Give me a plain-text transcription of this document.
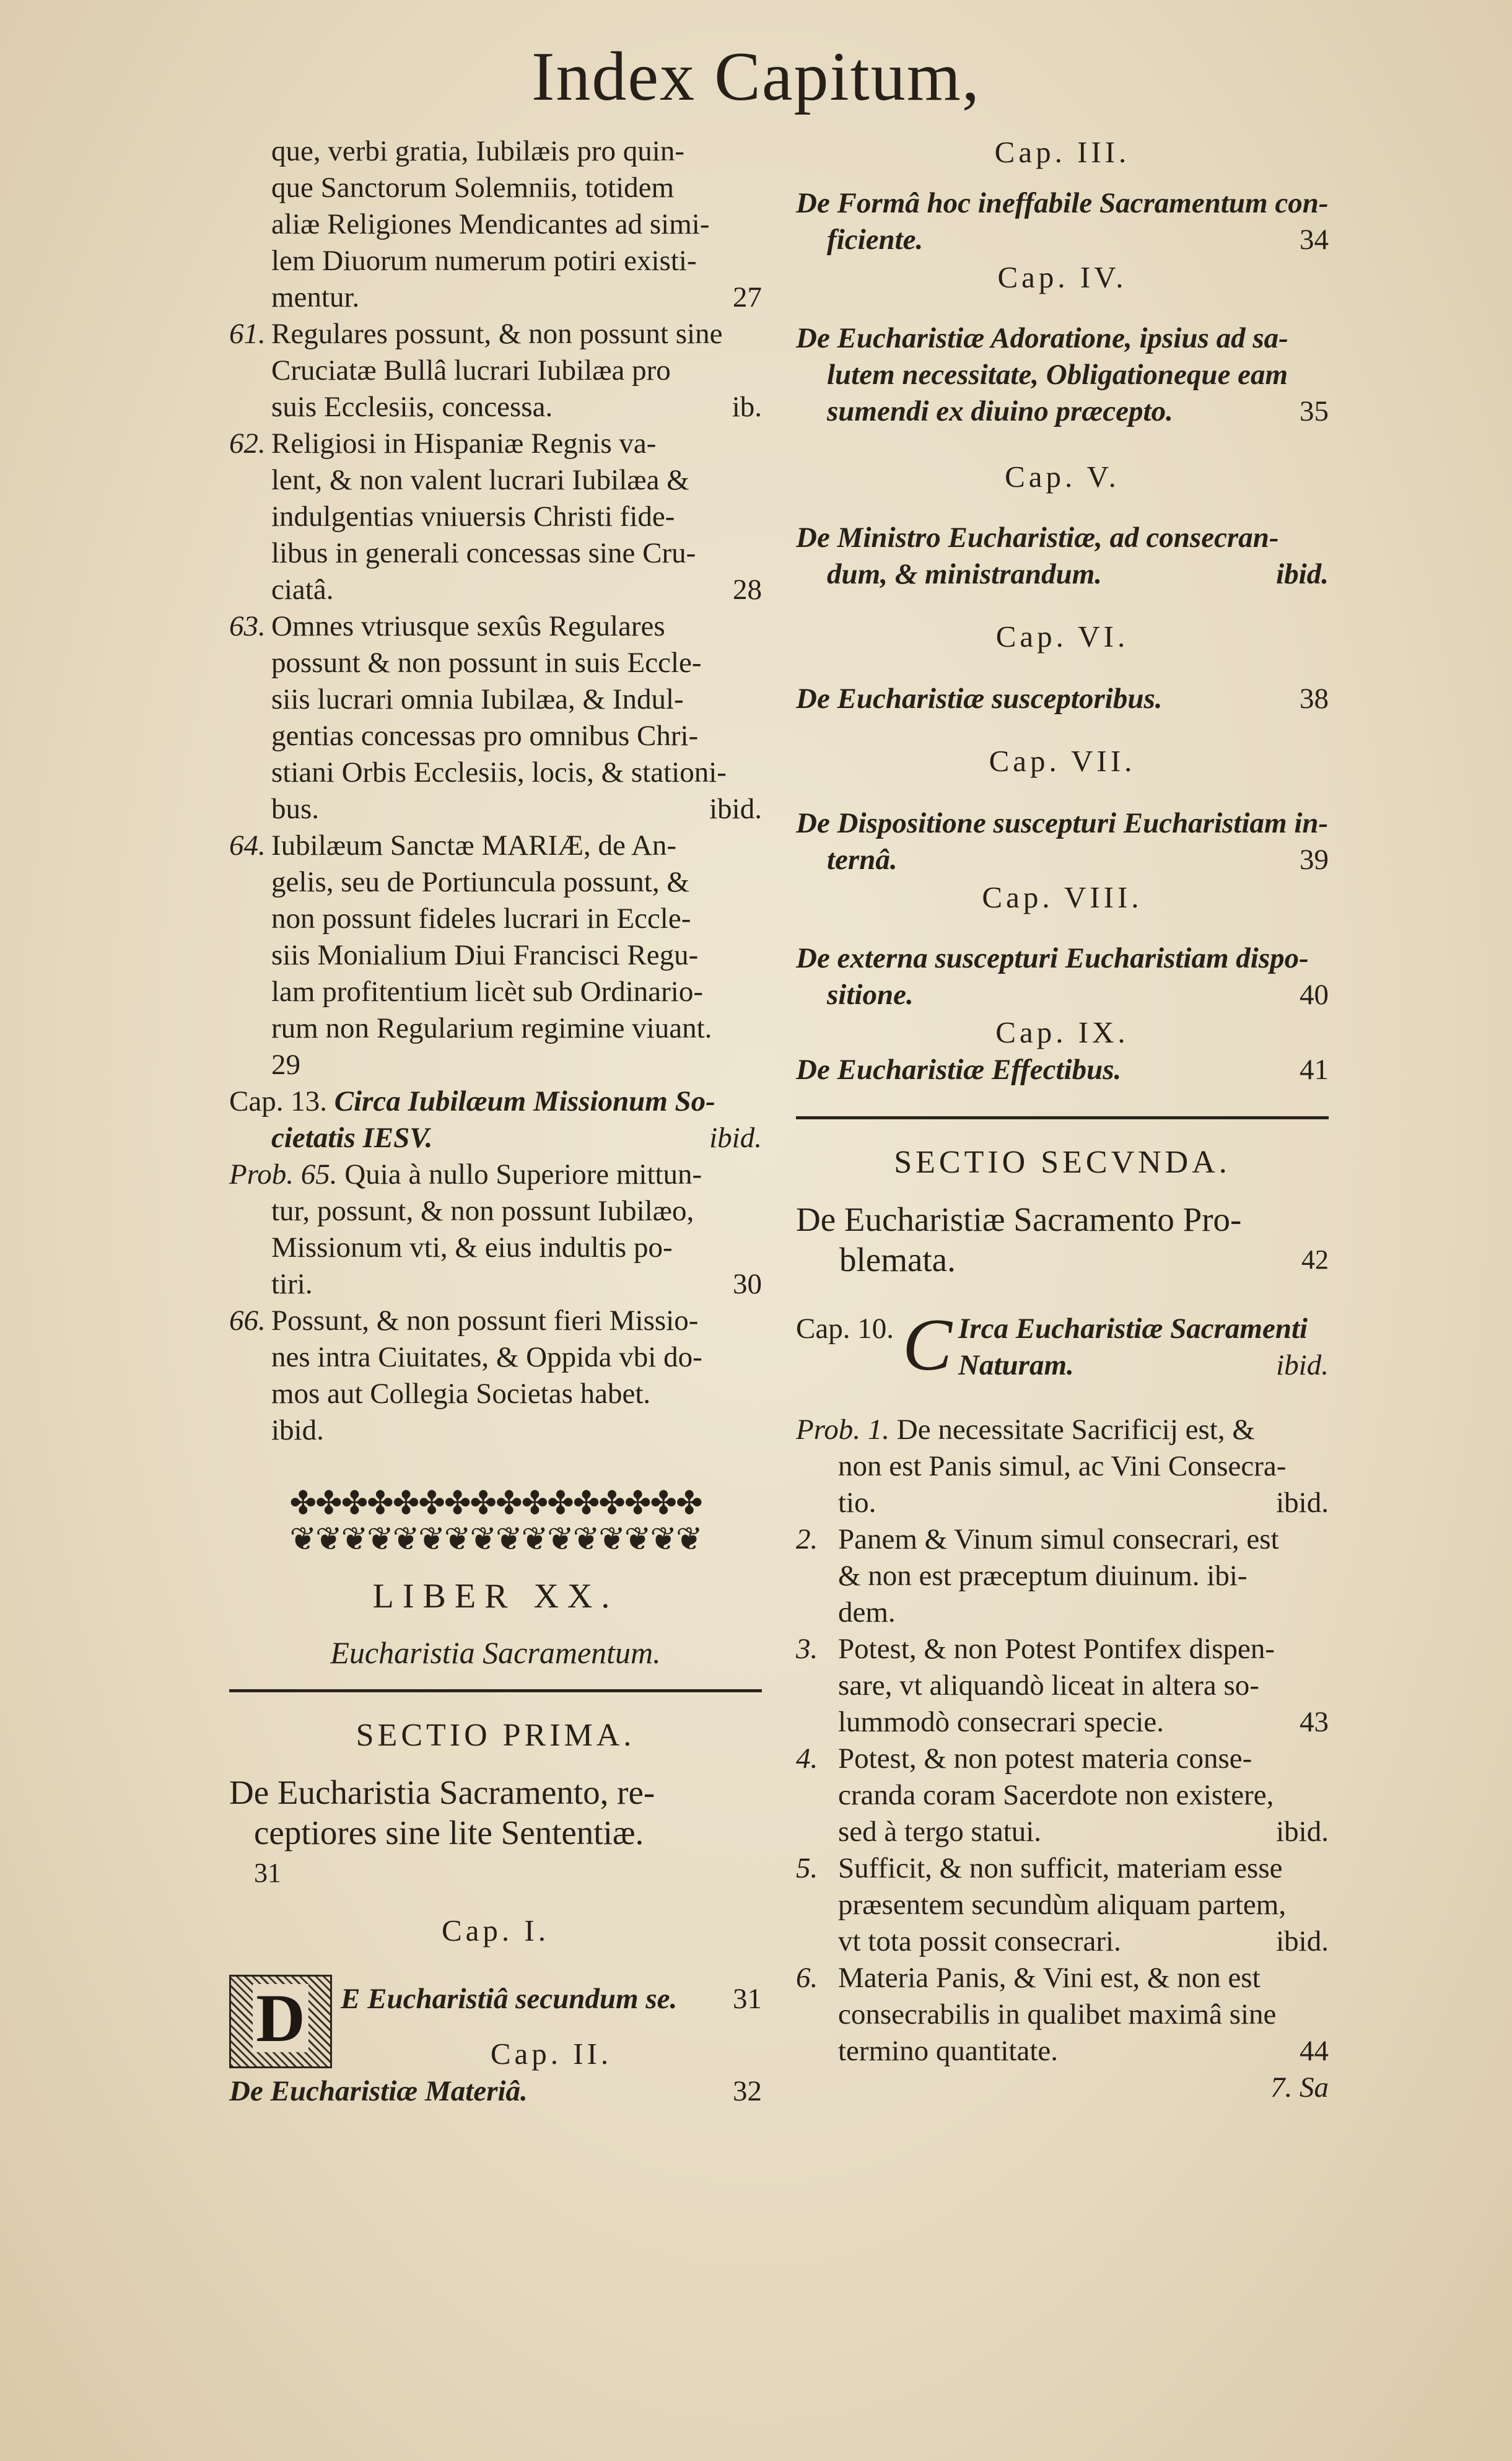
Index Capitum,
que, verbi gratia, Iubilæis pro quin-
que Sanctorum Solemniis, totidem
aliæ Religiones Mendicantes ad simi-
lem Diuorum numerum potiri existi-
mentur.	27
61. Regulares possunt, & non possunt sine
Cruciatæ Bullâ lucrari Iubilæa pro
suis Ecclesiis, concessa.	ib.
62. Religiosi in Hispaniæ Regnis va-
lent, & non valent lucrari Iubilæa &
indulgentias vniuersis Christi fide-
libus in generali concessas sine Cru-
ciatâ.	28
63. Omnes vtriusque sexûs Regulares
possunt & non possunt in suis Eccle-
siis lucrari omnia Iubilæa, & Indul-
gentias concessas pro omnibus Chri-
stiani Orbis Ecclesiis, locis, & stationi-
bus.	ibid.
64. Iubilæum Sanctæ MARIÆ, de An-
gelis, seu de Portiuncula possunt, &
non possunt fideles lucrari in Eccle-
siis Monialium Diui Francisci Regu-
lam profitentium licèt sub Ordinario-
rum non Regularium regimine viuant.
29
Cap. 13. Circa Iubilæum Missionum So-
cietatis IESV.	ibid.
Prob. 65. Quia à nullo Superiore mittun-
tur, possunt, & non possunt Iubilæo,
Missionum vti, & eius indultis po-
tiri.	30
66. Possunt, & non possunt fieri Missio-
nes intra Ciuitates, & Oppida vbi do-
mos aut Collegia Societas habet.
ibid.
✤✤✤✤✤✤✤✤✤✤✤✤✤✤✤✤
❦❦❦❦❦❦❦❦❦❦❦❦❦❦❦❦
LIBER XX.
Eucharistia Sacramentum.
SECTIO PRIMA.
De Eucharistia Sacramento, re-
ceptiores sine lite Sententiæ.
31
Cap. I.
D	E Eucharistiâ secundum se. 31
Cap. II.
De Eucharistiæ Materiâ.	32
Cap. III.
De Formâ hoc ineffabile Sacramentum con-
ficiente.	34
Cap. IV.
De Eucharistiæ Adoratione, ipsius ad sa-
lutem necessitate, Obligationeque eam
sumendi ex diuino præcepto.	35
Cap. V.
De Ministro Eucharistiæ, ad consecran-
dum, & ministrandum.	ibid.
Cap. VI.
De Eucharistiæ susceptoribus.	38
Cap. VII.
De Dispositione suscepturi Eucharistiam in-
ternâ.	39
Cap. VIII.
De externa suscepturi Eucharistiam dispo-
sitione.	40
Cap. IX.
De Eucharistiæ Effectibus.	41
SECTIO SECVNDA.
De Eucharistiæ Sacramento Pro-
blemata.	42
Cap. 10. C Irca Eucharistiæ Sacramenti
Naturam.	ibid.
Prob. 1. De necessitate Sacrificij est, &
non est Panis simul, ac Vini Consecra-
tio.	ibid.
2. Panem & Vinum simul consecrari, est
& non est præceptum diuinum. ibi-
dem.
3. Potest, & non Potest Pontifex dispen-
sare, vt aliquandò liceat in altera so-
lummodò consecrari specie.	43
4. Potest, & non potest materia conse-
cranda coram Sacerdote non existere,
sed à tergo statui.	ibid.
5. Sufficit, & non sufficit, materiam esse
præsentem secundùm aliquam partem,
vt tota possit consecrari.	ibid.
6. Materia Panis, & Vini est, & non est
consecrabilis in qualibet maximâ sine
termino quantitate.	44
7. Sa
